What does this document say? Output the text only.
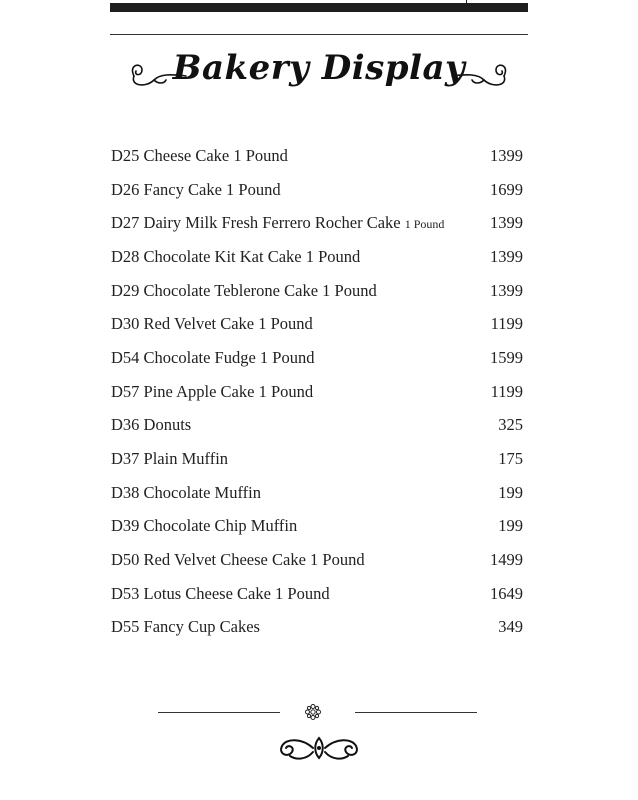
Bakery Display
D25 Cheese Cake 1 Pound	1399
D26 Fancy Cake 1 Pound	1699
D27 Dairy Milk Fresh Ferrero Rocher Cake 1 Pound	1399
D28 Chocolate Kit Kat Cake 1 Pound	1399
D29 Chocolate Teblerone Cake 1 Pound	1399
D30 Red Velvet Cake 1 Pound	1199
D54 Chocolate Fudge 1 Pound	1599
D57 Pine Apple Cake 1 Pound	1199
D36 Donuts	325
D37 Plain Muffin	175
D38 Chocolate Muffin	199
D39 Chocolate Chip Muffin	199
D50 Red Velvet Cheese Cake 1 Pound	1499
D53 Lotus Cheese Cake 1 Pound	1649
D55 Fancy Cup Cakes	349
